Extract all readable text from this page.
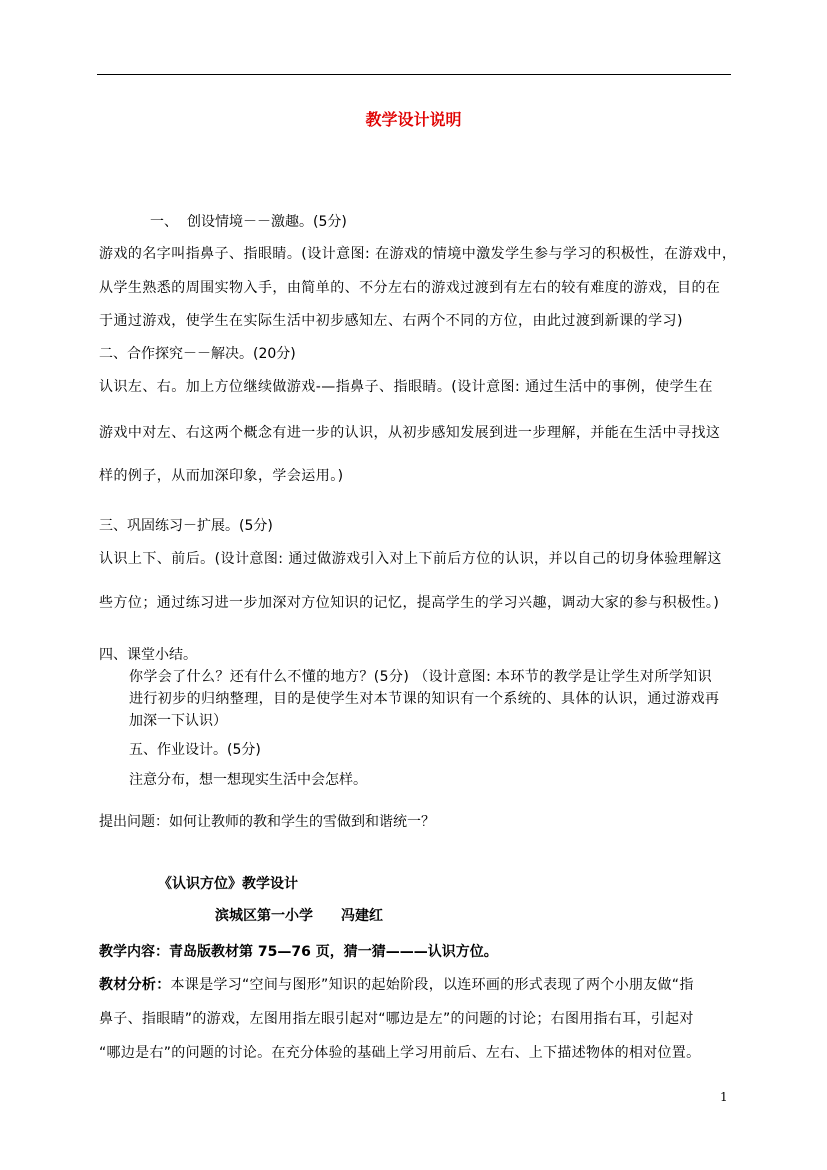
教学设计说明
一、 创设情境－－激趣。(5分)
游戏的名字叫指鼻子、指眼睛。(设计意图: 在游戏的情境中激发学生参与学习的积极性，在游戏中，
从学生熟悉的周围实物入手，由简单的、不分左右的游戏过渡到有左右的较有难度的游戏，目的在
于通过游戏，使学生在实际生活中初步感知左、右两个不同的方位，由此过渡到新课的学习)
二、合作探究－－解决。(20分)
认识左、右。加上方位继续做游戏-—指鼻子、指眼睛。(设计意图: 通过生活中的事例，使学生在
游戏中对左、右这两个概念有进一步的认识，从初步感知发展到进一步理解，并能在生活中寻找这
样的例子，从而加深印象，学会运用。)
三、巩固练习－扩展。(5分)
认识上下、前后。(设计意图: 通过做游戏引入对上下前后方位的认识，并以自己的切身体验理解这
些方位；通过练习进一步加深对方位知识的记忆，提高学生的学习兴趣，调动大家的参与积极性。)
四、课堂小结。
你学会了什么？还有什么不懂的地方？(5分) （设计意图: 本环节的教学是让学生对所学知识
进行初步的归纳整理，目的是使学生对本节课的知识有一个系统的、具体的认识，通过游戏再
加深一下认识）
五、作业设计。(5分)
注意分布，想一想现实生活中会怎样。
提出问题：如何让教师的教和学生的雪做到和谐统一？
《认识方位》教学设计
滨城区第一小学　　冯建红
教学内容：青岛版教材第 75—76 页，猜一猜———认识方位。
教材分析：本课是学习“空间与图形”知识的起始阶段，以连环画的形式表现了两个小朋友做“指
鼻子、指眼睛”的游戏，左图用指左眼引起对“哪边是左”的问题的讨论；右图用指右耳，引起对
“哪边是右”的问题的讨论。在充分体验的基础上学习用前后、左右、上下描述物体的相对位置。
1
